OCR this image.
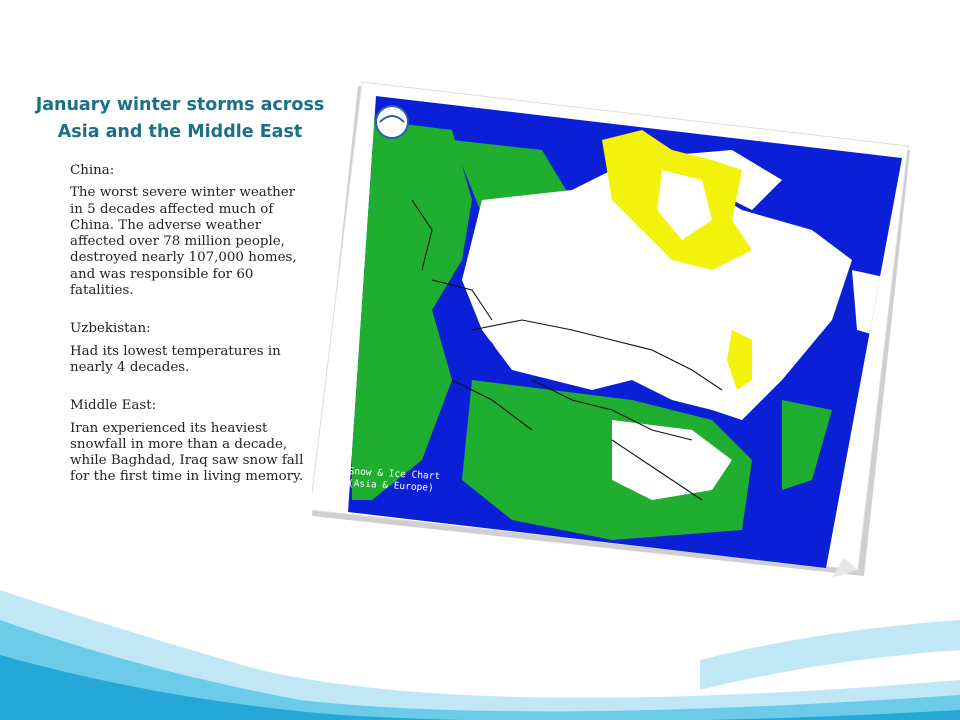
January winter storms across Asia and the Middle East

China:

The worst severe winter weather in 5 decades affected much of China. The adverse weather affected over 78 million people, destroyed nearly 107,000 homes, and was responsible for 60 fatalities.

Uzbekistan:

Had its lowest temperatures in nearly 4 decades.

Middle East:

Iran experienced its heaviest snowfall in more than a decade, while Baghdad, Iraq saw snow fall for the first time in living memory.	Snow & Ice Chart
(Asia & Europe)
